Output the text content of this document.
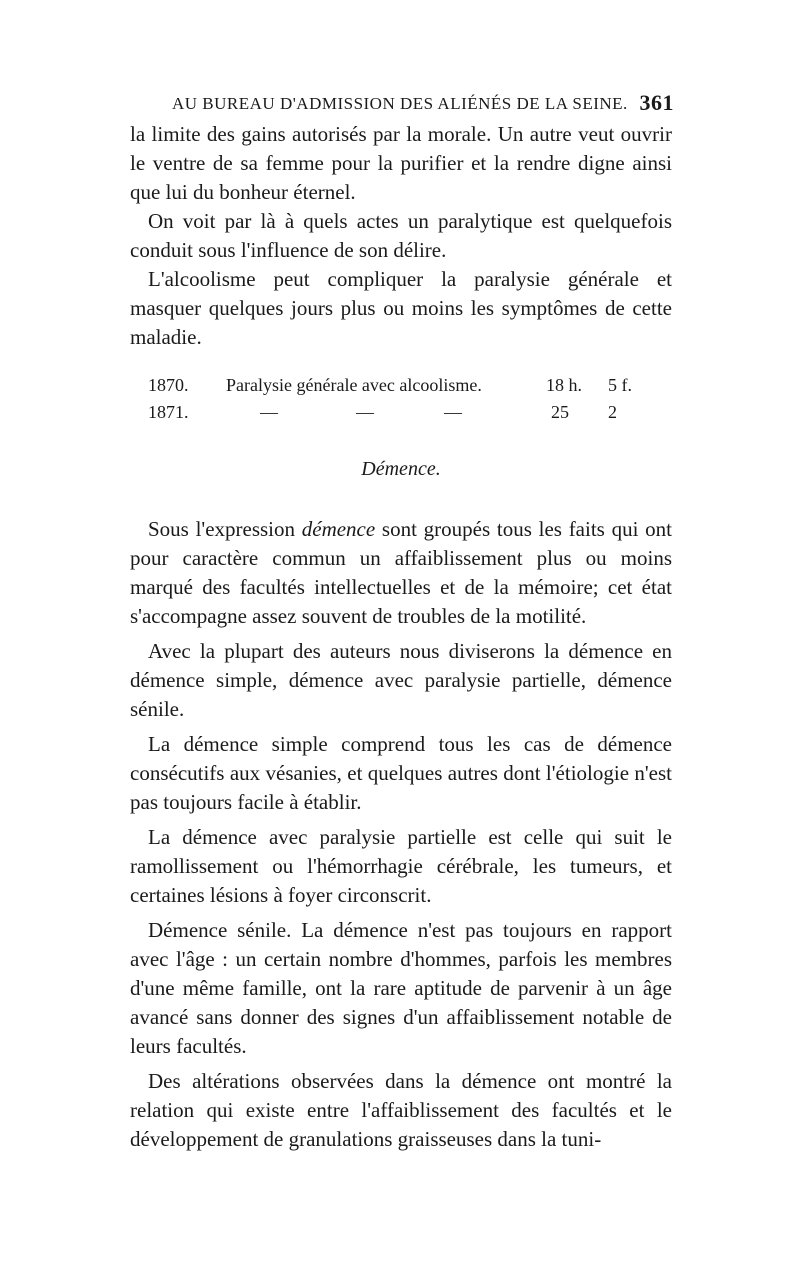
AU BUREAU D'ADMISSION DES ALIÉNÉS DE LA SEINE. 361

la limite des gains autorisés par la morale. Un autre veut ouvrir le ventre de sa femme pour la purifier et la rendre digne ainsi que lui du bonheur éternel.

On voit par là à quels actes un paralytique est quelquefois conduit sous l'influence de son délire.

L'alcoolisme peut compliquer la paralysie générale et masquer quelques jours plus ou moins les symptômes de cette maladie.

1870. Paralysie générale avec alcoolisme.	18 h. 5 f.
1871.	—	—	—	25 2
Démence.

Sous l'expression démence sont groupés tous les faits qui ont pour caractère commun un affaiblissement plus ou moins marqué des facultés intellectuelles et de la mémoire; cet état s'accompagne assez souvent de troubles de la motilité.

Avec la plupart des auteurs nous diviserons la démence en démence simple, démence avec paralysie partielle, démence sénile.

La démence simple comprend tous les cas de démence consécutifs aux vésanies, et quelques autres dont l'étiologie n'est pas toujours facile à établir.

La démence avec paralysie partielle est celle qui suit le ramollissement ou l'hémorrhagie cérébrale, les tumeurs, et certaines lésions à foyer circonscrit.

Démence sénile. La démence n'est pas toujours en rapport avec l'âge : un certain nombre d'hommes, parfois les membres d'une même famille, ont la rare aptitude de parvenir à un âge avancé sans donner des signes d'un affaiblissement notable de leurs facultés.

Des altérations observées dans la démence ont montré la relation qui existe entre l'affaiblissement des facultés et le développement de granulations graisseuses dans la tuni-
